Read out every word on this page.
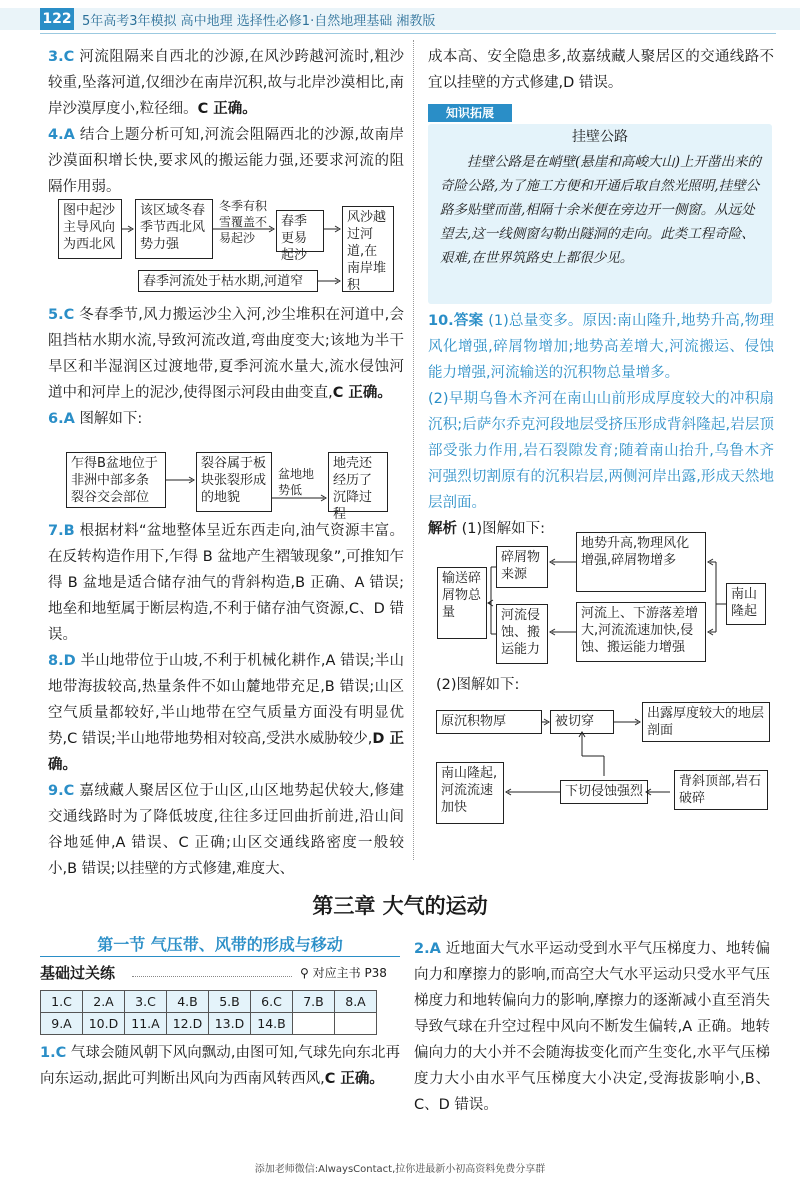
122 5年高考3年模拟 高中地理 选择性必修1·自然地理基础 湘教版

3.C 河流阻隔来自西北的沙源,在风沙跨越河流时,粗沙较重,坠落河道,仅细沙在南岸沉积,故与北岸沙漠相比,南岸沙漠厚度小,粒径细。C 正确。

4.A 结合上题分析可知,河流会阻隔西北的沙源,故南岸沙漠面积增长快,要求风的搬运能力强,还要求河流的阻隔作用弱。

图中起沙主导风向为西北风
该区域冬春季节西北风势力强
冬季有积雪覆盖不易起沙
春季更易起沙
风沙越过河道,在南岸堆积
春季河流处于枯水期,河道窄

5.C 冬春季节,风力搬运沙尘入河,沙尘堆积在河道中,会阻挡枯水期水流,导致河流改道,弯曲度变大;该地为半干旱区和半湿润区过渡地带,夏季河流水量大,流水侵蚀河道中和河岸上的泥沙,使得图示河段由曲变直,C 正确。

6.A 图解如下:

乍得B盆地位于非洲中部多条裂谷交会部位
裂谷属于板块张裂形成的地貌
盆地地势低
地壳还经历了沉降过程

7.B 根据材料“盆地整体呈近东西走向,油气资源丰富。在反转构造作用下,乍得 B 盆地产生褶皱现象”,可推知乍得 B 盆地是适合储存油气的背斜构造,B 正确、A 错误;地垒和地堑属于断层构造,不利于储存油气资源,C、D 错误。

8.D 半山地带位于山坡,不利于机械化耕作,A 错误;半山地带海拔较高,热量条件不如山麓地带充足,B 错误;山区空气质量都较好,半山地带在空气质量方面没有明显优势,C 错误;半山地带地势相对较高,受洪水威胁较少,D 正确。

9.C 嘉绒藏人聚居区位于山区,山区地势起伏较大,修建交通线路时为了降低坡度,往往多迂回曲折前进,沿山间谷地延伸,A 错误、C 正确;山区交通线路密度一般较小,B 错误;以挂壁的方式修建,难度大、

成本高、安全隐患多,故嘉绒藏人聚居区的交通线路不宜以挂壁的方式修建,D 错误。

知识拓展
挂壁公路
挂壁公路是在峭壁(悬崖和高峻大山)上开凿出来的奇险公路,为了施工方便和开通后取自然光照明,挂壁公路多贴壁而凿,相隔十余米便在旁边开一侧窗。从远处望去,这一线侧窗勾勒出隧洞的走向。此类工程奇险、艰难,在世界筑路史上都很少见。

10.答案 (1)总量变多。原因:南山隆升,地势升高,物理风化增强,碎屑物增加;地势高差增大,河流搬运、侵蚀能力增强,河流输送的沉积物总量增多。

(2)早期乌鲁木齐河在南山山前形成厚度较大的冲积扇沉积;后萨尔乔克河段地层受挤压形成背斜隆起,岩层顶部受张力作用,岩石裂隙发育;随着南山抬升,乌鲁木齐河强烈切割原有的沉积岩层,两侧河岸出露,形成天然地层剖面。

解析 (1)图解如下:

输送碎屑物总量
碎屑物来源
河流侵蚀、搬运能力
地势升高,物理风化增强,碎屑物增多
河流上、下游落差增大,河流流速加快,侵蚀、搬运能力增强
南山隆起

(2)图解如下:

原沉积物厚	被切穿
出露厚度较大的地层剖面
南山隆起,河流流速加快
下切侵蚀强烈
背斜顶部,岩石破碎
第三章 大气的运动
第一节 气压带、风带的形成与移动
基础过关练	⚲ 对应主书 P38
1.C	2.A	3.C	4.B	5.B	6.C	7.B	8.A
9.A	10.D	11.A	12.D	13.D	14.B		

1.C 气球会随风朝下风向飘动,由图可知,气球先向东北再向东运动,据此可判断出风向为西南风转西风,C 正确。

2.A 近地面大气水平运动受到水平气压梯度力、地转偏向力和摩擦力的影响,而高空大气水平运动只受水平气压梯度力和地转偏向力的影响,摩擦力的逐渐减小直至消失导致气球在升空过程中风向不断发生偏转,A 正确。地转偏向力的大小并不会随海拔变化而产生变化,水平气压梯度力大小由水平气压梯度大小决定,受海拔影响小,B、C、D 错误。

添加老师微信:AlwaysContact,拉你进最新小初高资料免费分享群
